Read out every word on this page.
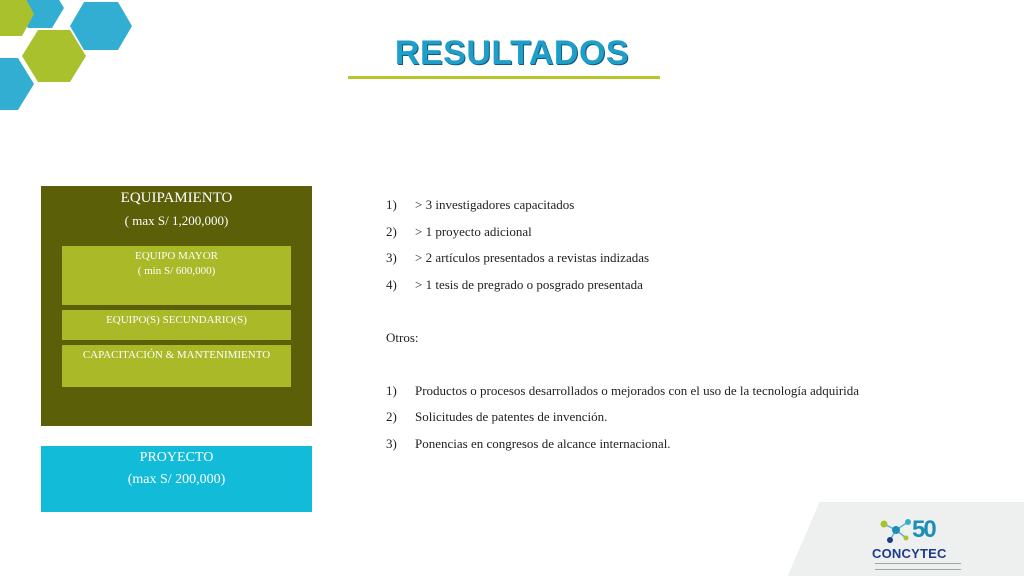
RESULTADOS
EQUIPAMIENTO
( max S/ 1,200,000)
EQUIPO MAYOR
( min S/ 600,000)
EQUIPO(S) SECUNDARIO(S)
CAPACITACIÓN & MANTENIMIENTO
PROYECTO
(max S/ 200,000)
1)	> 3 investigadores capacitados
2)	> 1 proyecto adicional
3)	> 2 artículos presentados a revistas indizadas
4)	> 1 tesis de pregrado o posgrado presentada
Otros:
1)	Productos o procesos desarrollados o mejorados con el uso de la tecnología adquirida
2)	Solicitudes de patentes de invención.
3)	Ponencias en congresos de alcance internacional.
50
CONCYTEC
